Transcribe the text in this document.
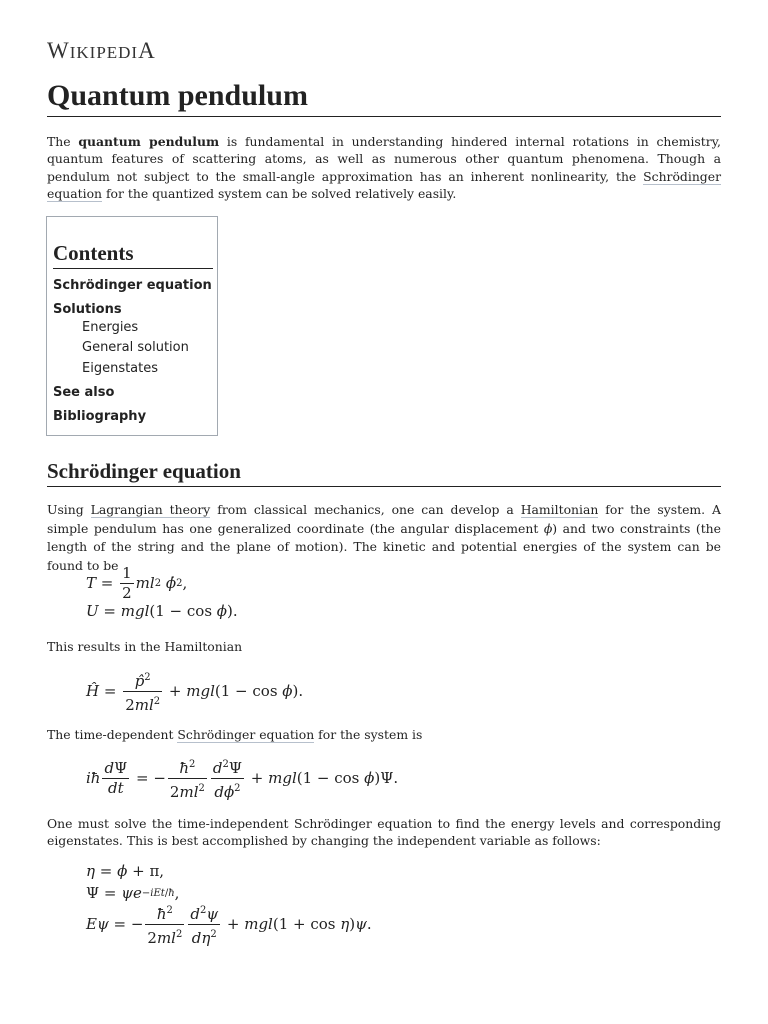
WIKIPEDIA
Quantum pendulum

The quantum pendulum is fundamental in understanding hindered internal rotations in chemistry, quantum features of scattering atoms, as well as numerous other quantum phenomena. Though a pendulum not subject to the small-angle approximation has an inherent nonlinearity, the Schrödinger equation for the quantized system can be solved relatively easily.

Contents
Schrödinger equation
Solutions
Energies
General solution
Eigenstates
See also
Bibliography
Schrödinger equation

Using Lagrangian theory from classical mechanics, one can develop a Hamiltonian for the system. A simple pendulum has one generalized coordinate (the angular displacement ϕ) and two constraints (the length of the string and the plane of motion). The kinetic and potential energies of the system can be found to be

$T = \frac{1}{2}$ ml 2
ϕ̇ 2 ,
U = mgl (1 − cos ϕ ).

This results in the Hamiltonian

Ĥ = $\frac{p̂^2}{2ml^2}$ + mgl (1 − cos ϕ ).

The time-dependent Schrödinger equation for the system is

iħ $\frac{d\Psi}{dt}$ = − $\frac{ħ^2}{2ml^2} \frac{d^2\Psi}{d\phi^2}$ + mgl (1 − cos ϕ )Ψ.

One must solve the time-independent Schrödinger equation to find the energy levels and corresponding eigenstates. This is best accomplished by changing the independent variable as follows:

η = ϕ + π,
Ψ = ψe −iEt/ħ ,
Eψ = − $\frac{ħ^2}{2ml^2} \frac{d^2\psi}{d\eta^2}$ + mgl (1 + cos η ) ψ .
